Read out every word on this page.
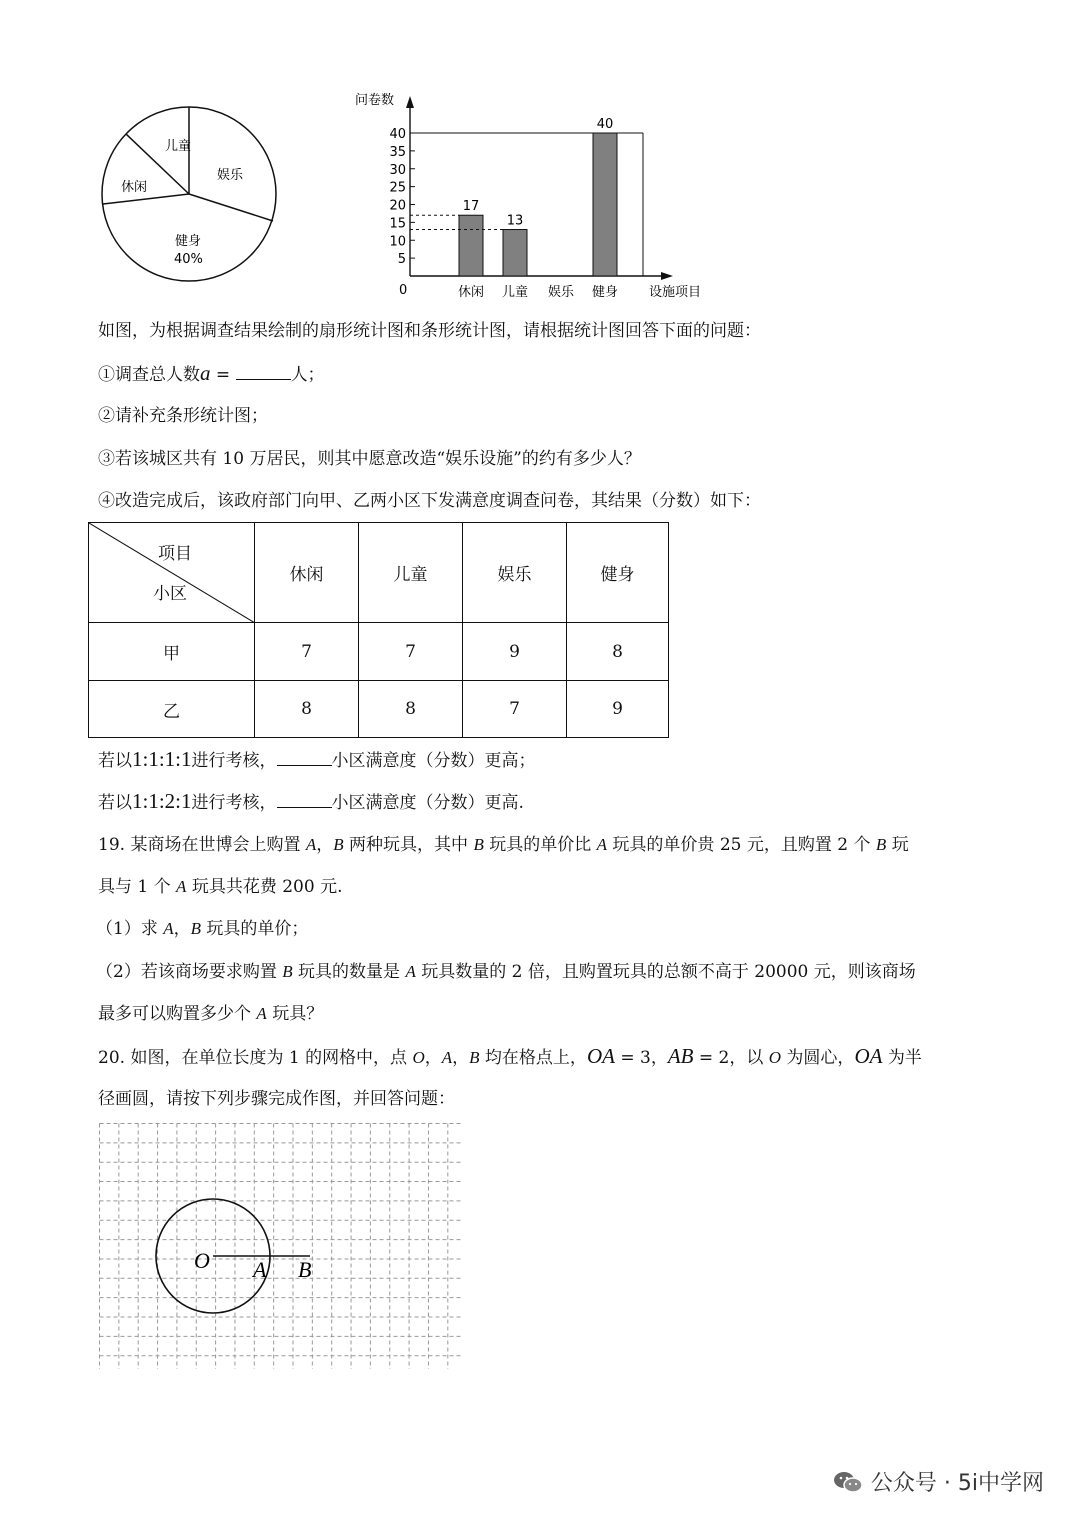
儿童
娱乐
休闲
健身
40%
问卷数
设施项目
0
5
10
15
20
25
30
35
40
休闲
17
儿童
13
娱乐 健身
40
如图，为根据调查结果绘制的扇形统计图和条形统计图，请根据统计图回答下面的问题：
①调查总人数a =	人；
②请补充条形统计图；
③若该城区共有 10 万居民，则其中愿意改造“娱乐设施”的约有多少人？
④改造完成后，该政府部门向甲、乙两小区下发满意度调查问卷，其结果（分数）如下：
项目
小区	休闲	儿童	娱乐	健身
甲	7	7	9	8
乙	8	8	7	9
若以1:1:1:1进行考核，	小区满意度（分数）更高；
若以1:1:2:1进行考核，	小区满意度（分数）更高.
19. 某商场在世博会上购置 A，B 两种玩具，其中 B 玩具的单价比 A 玩具的单价贵 25 元，且购置 2 个 B 玩
具与 1 个 A 玩具共花费 200 元.
（1）求 A，B 玩具的单价；
（2）若该商场要求购置 B 玩具的数量是 A 玩具数量的 2 倍，且购置玩具的总额不高于 20000 元，则该商场
最多可以购置多少个 A 玩具？
20. 如图，在单位长度为 1 的网格中，点 O，A，B 均在格点上，OA = 3，AB = 2，以 O 为圆心，OA 为半
径画圆，请按下列步骤完成作图，并回答问题：
O A B
公众号 · 5i中学网
